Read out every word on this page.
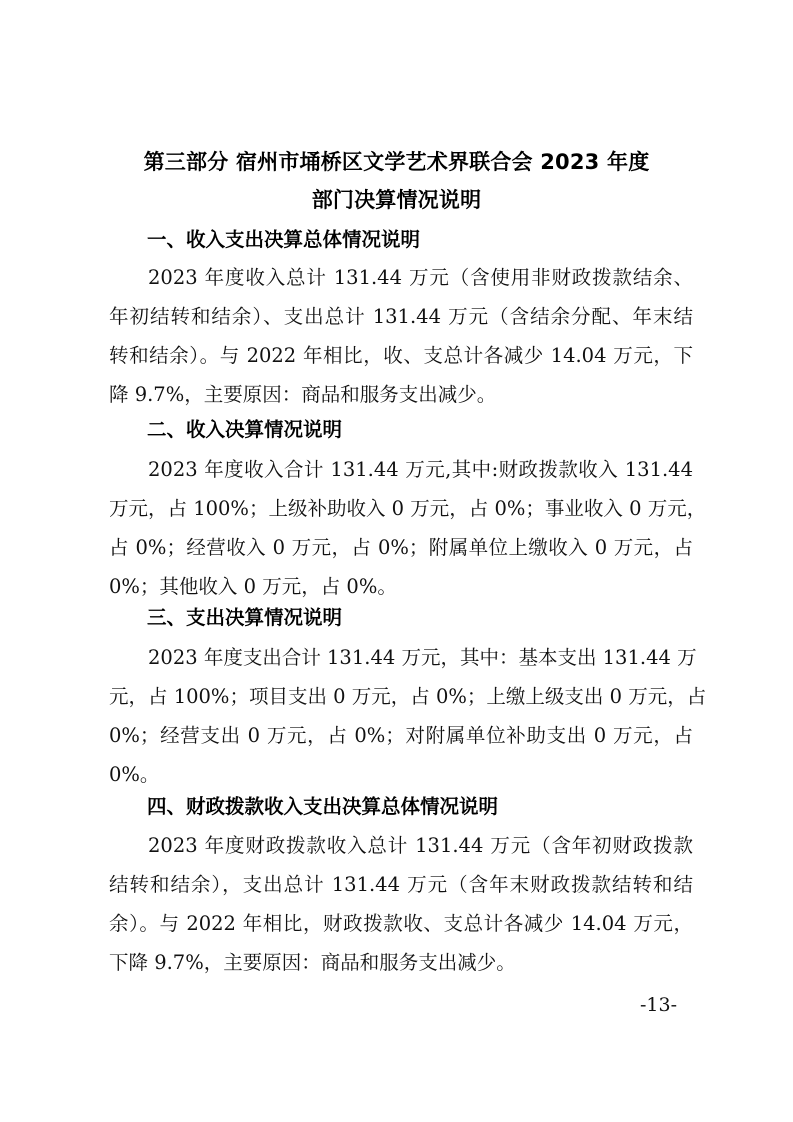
第三部分 宿州市埇桥区文学艺术界联合会 2023 年度
部门决算情况说明
一、收入支出决算总体情况说明
2023 年度收入总计 131.44 万元（含使用非财政拨款结余、
年初结转和结余）、支出总计 131.44 万元（含结余分配、年末结
转和结余）。与 2022 年相比，收、支总计各减少 14.04 万元，下
降 9.7%，主要原因：商品和服务支出减少。
二、收入决算情况说明
2023 年度收入合计 131.44 万元,其中:财政拨款收入 131.44
万元，占 100%；上级补助收入 0 万元，占 0%；事业收入 0 万元，
占 0%；经营收入 0 万元，占 0%；附属单位上缴收入 0 万元，占
0%；其他收入 0 万元，占 0%。
三、支出决算情况说明
2023 年度支出合计 131.44 万元，其中：基本支出 131.44 万
元，占 100%；项目支出 0 万元，占 0%；上缴上级支出 0 万元，占
0%；经营支出 0 万元，占 0%；对附属单位补助支出 0 万元，占
0%。
四、财政拨款收入支出决算总体情况说明
2023 年度财政拨款收入总计 131.44 万元（含年初财政拨款
结转和结余），支出总计 131.44 万元（含年末财政拨款结转和结
余）。与 2022 年相比，财政拨款收、支总计各减少 14.04 万元，
下降 9.7%，主要原因：商品和服务支出减少。
-13-
